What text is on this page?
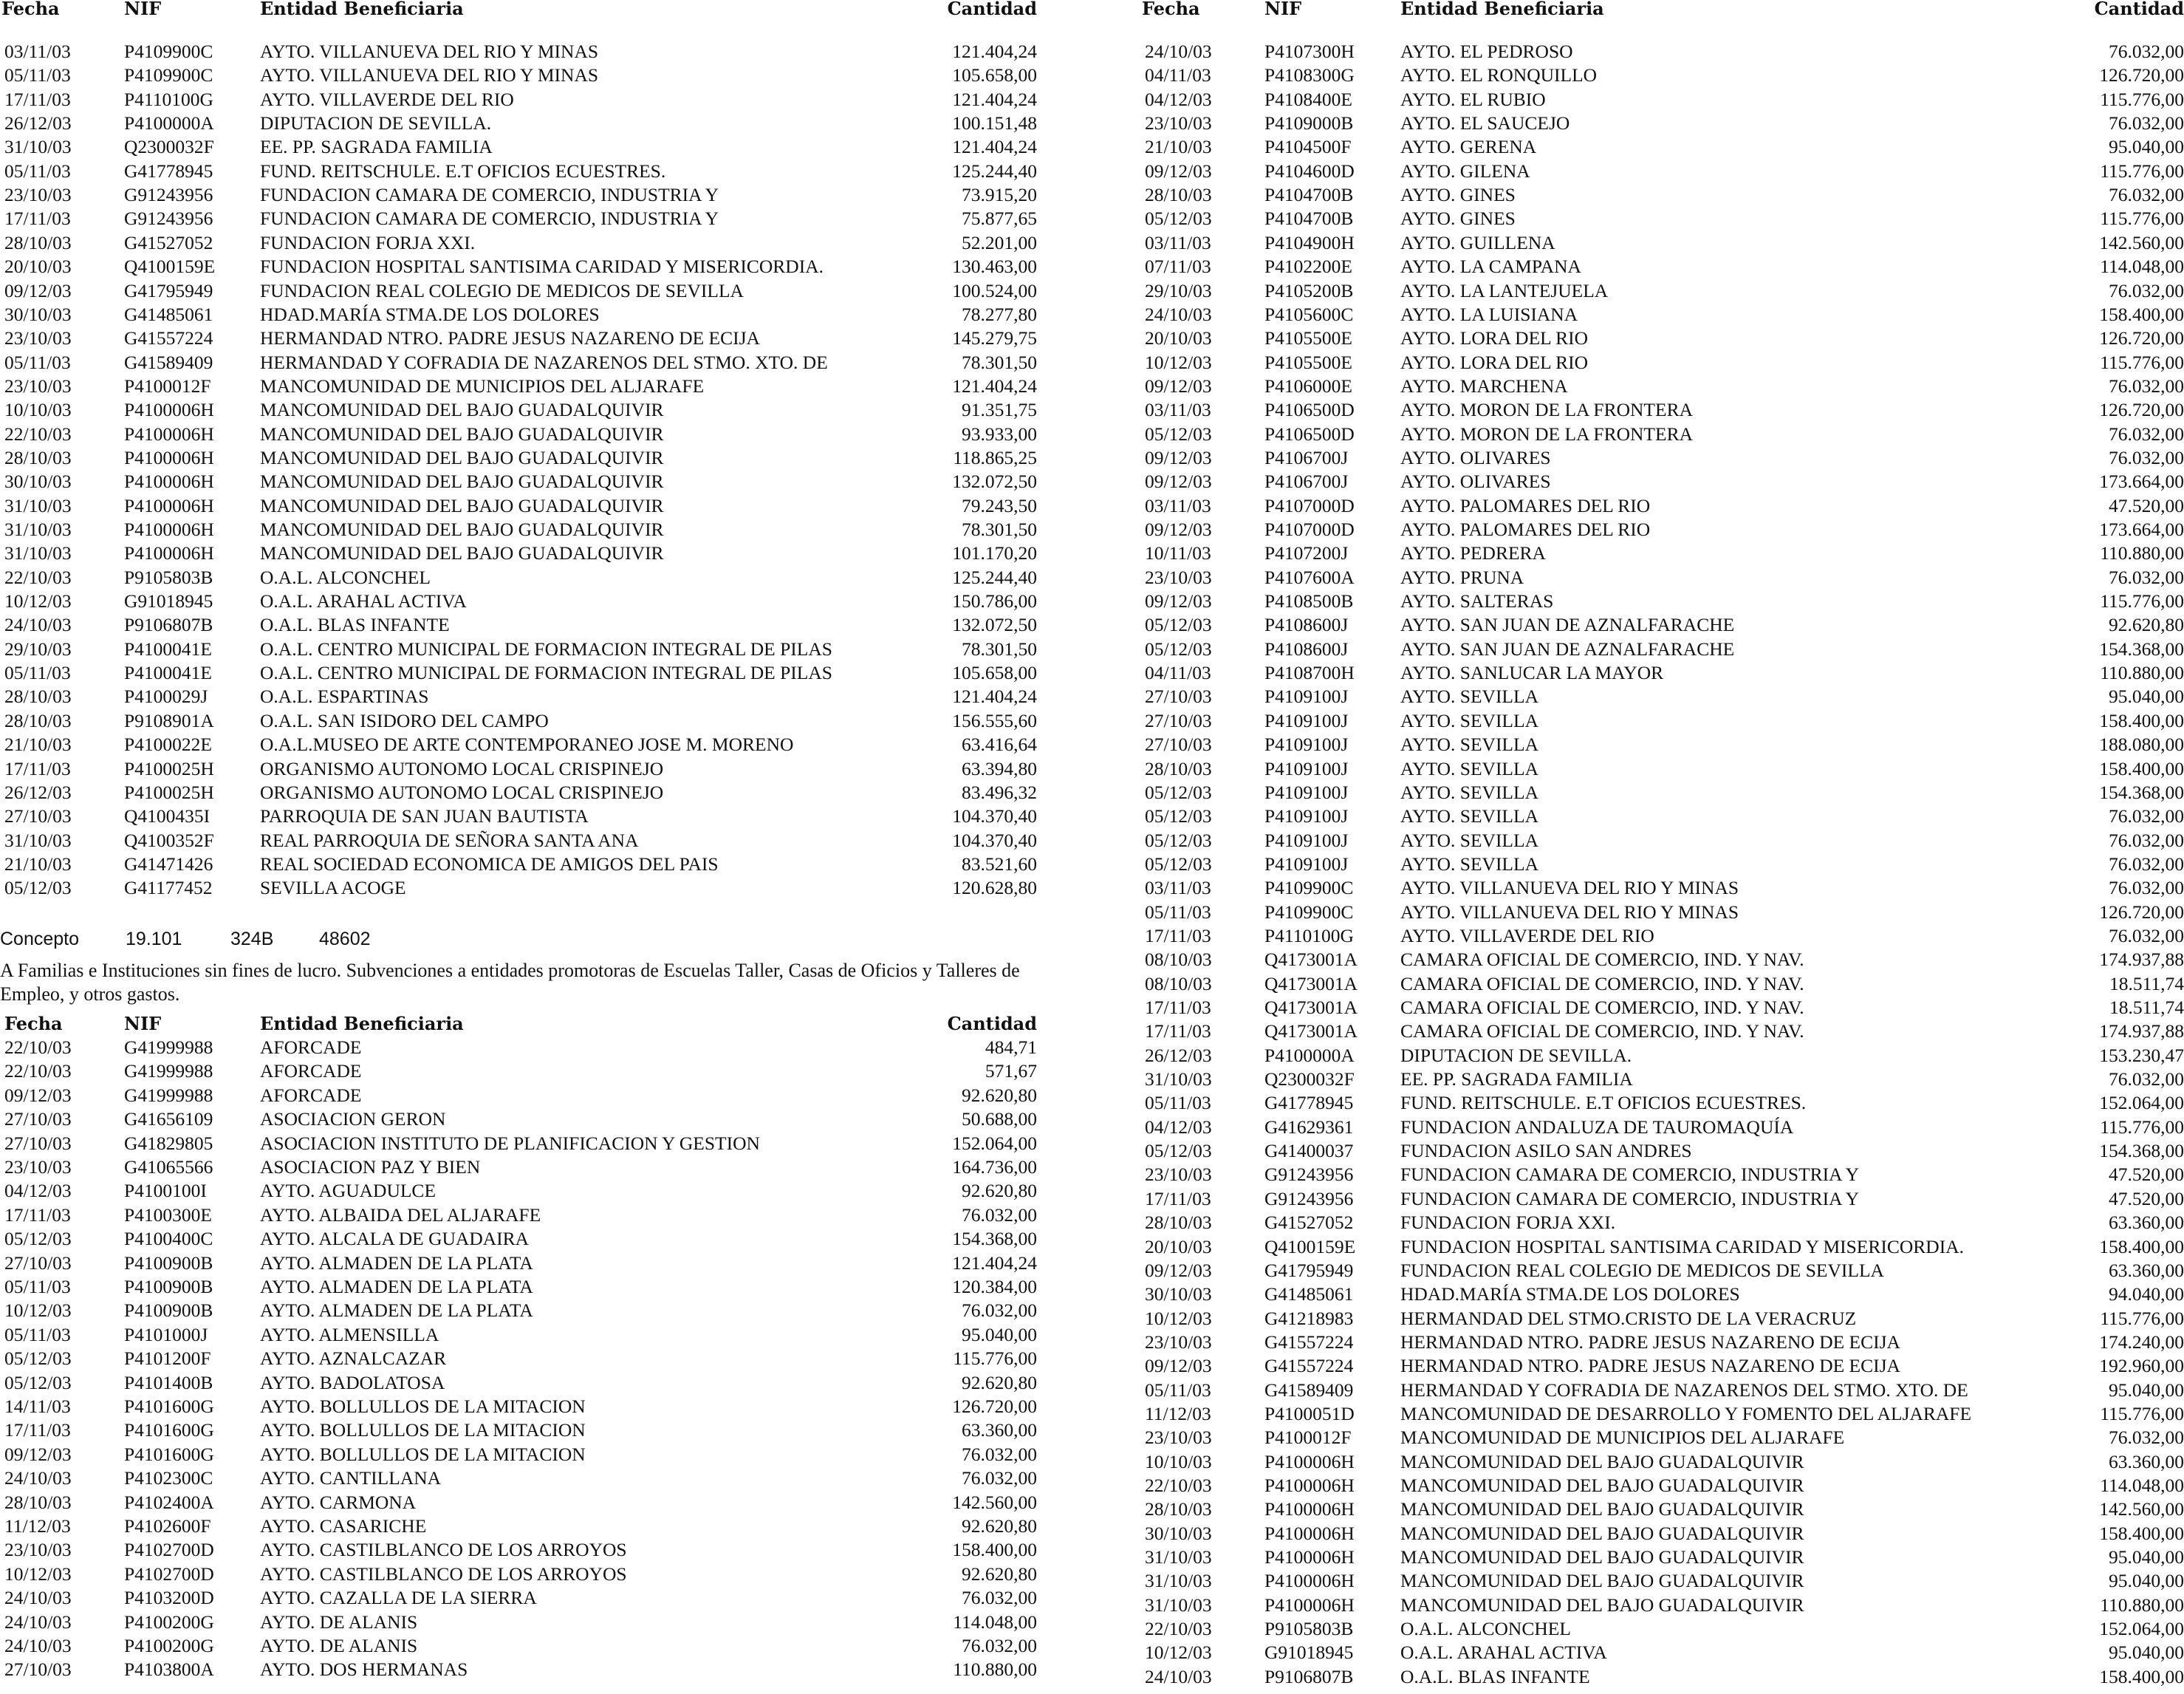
Fecha	NIF	Entidad Beneficiaria	Cantidad
03/11/03	P4109900C AYTO. VILLANUEVA DEL RIO Y MINAS	121.404,24
05/11/03	P4109900C AYTO. VILLANUEVA DEL RIO Y MINAS	105.658,00
17/11/03	P4110100G AYTO. VILLAVERDE DEL RIO	121.404,24
26/12/03	P4100000A DIPUTACION DE SEVILLA.	100.151,48
31/10/03	Q2300032F EE. PP. SAGRADA FAMILIA	121.404,24
05/11/03	G41778945 FUND. REITSCHULE. E.T OFICIOS ECUESTRES.	125.244,40
23/10/03	G91243956 FUNDACION CAMARA DE COMERCIO, INDUSTRIA Y	73.915,20
17/11/03	G91243956 FUNDACION CAMARA DE COMERCIO, INDUSTRIA Y	75.877,65
28/10/03	G41527052 FUNDACION FORJA XXI.	52.201,00
20/10/03	Q4100159E FUNDACION HOSPITAL SANTISIMA CARIDAD Y MISERICORDIA.	130.463,00
09/12/03	G41795949 FUNDACION REAL COLEGIO DE MEDICOS DE SEVILLA	100.524,00
30/10/03	G41485061 HDAD.MARÍA STMA.DE LOS DOLORES	78.277,80
23/10/03	G41557224 HERMANDAD NTRO. PADRE JESUS NAZARENO DE ECIJA	145.279,75
05/11/03	G41589409 HERMANDAD Y COFRADIA DE NAZARENOS DEL STMO. XTO. DE	78.301,50
23/10/03	P4100012F	MANCOMUNIDAD DE MUNICIPIOS DEL ALJARAFE	121.404,24
10/10/03	P4100006H MANCOMUNIDAD DEL BAJO GUADALQUIVIR	91.351,75
22/10/03	P4100006H MANCOMUNIDAD DEL BAJO GUADALQUIVIR	93.933,00
28/10/03	P4100006H MANCOMUNIDAD DEL BAJO GUADALQUIVIR	118.865,25
30/10/03	P4100006H MANCOMUNIDAD DEL BAJO GUADALQUIVIR	132.072,50
31/10/03	P4100006H MANCOMUNIDAD DEL BAJO GUADALQUIVIR	79.243,50
31/10/03	P4100006H MANCOMUNIDAD DEL BAJO GUADALQUIVIR	78.301,50
31/10/03	P4100006H MANCOMUNIDAD DEL BAJO GUADALQUIVIR	101.170,20
22/10/03	P9105803B O.A.L. ALCONCHEL	125.244,40
10/12/03	G91018945 O.A.L. ARAHAL ACTIVA	150.786,00
24/10/03	P9106807B O.A.L. BLAS INFANTE	132.072,50
29/10/03	P4100041E	O.A.L. CENTRO MUNICIPAL DE FORMACION INTEGRAL DE PILAS	78.301,50
05/11/03	P4100041E	O.A.L. CENTRO MUNICIPAL DE FORMACION INTEGRAL DE PILAS	105.658,00
28/10/03	P4100029J	O.A.L. ESPARTINAS	121.404,24
28/10/03	P9108901A O.A.L. SAN ISIDORO DEL CAMPO	156.555,60
21/10/03	P4100022E	O.A.L.MUSEO DE ARTE CONTEMPORANEO JOSE M. MORENO	63.416,64
17/11/03	P4100025H ORGANISMO AUTONOMO LOCAL CRISPINEJO	63.394,80
26/12/03	P4100025H ORGANISMO AUTONOMO LOCAL CRISPINEJO	83.496,32
27/10/03	Q4100435I	PARROQUIA DE SAN JUAN BAUTISTA	104.370,40
31/10/03	Q4100352F REAL PARROQUIA DE SEÑORA SANTA ANA	104.370,40
21/10/03	G41471426 REAL SOCIEDAD ECONOMICA DE AMIGOS DEL PAIS	83.521,60
05/12/03	G41177452	SEVILLA ACOGE	120.628,80
Concepto	19.101	324B 48602
A Familias e Instituciones sin fines de lucro. Subvenciones a entidades promotoras de Escuelas Taller, Casas de Oficios y Talleres de Empleo, y otros gastos.
Fecha	NIF	Entidad Beneficiaria	Cantidad
22/10/03	G41999988 AFORCADE	484,71
22/10/03	G41999988 AFORCADE	571,67
09/12/03	G41999988 AFORCADE	92.620,80
27/10/03	G41656109 ASOCIACION GERON	50.688,00
27/10/03	G41829805 ASOCIACION INSTITUTO DE PLANIFICACION Y GESTION	152.064,00
23/10/03	G41065566 ASOCIACION PAZ Y BIEN	164.736,00
04/12/03	P4100100I	AYTO. AGUADULCE	92.620,80
17/11/03	P4100300E	AYTO. ALBAIDA DEL ALJARAFE	76.032,00
05/12/03	P4100400C AYTO. ALCALA DE GUADAIRA	154.368,00
27/10/03	P4100900B AYTO. ALMADEN DE LA PLATA	121.404,24
05/11/03	P4100900B AYTO. ALMADEN DE LA PLATA	120.384,00
10/12/03	P4100900B AYTO. ALMADEN DE LA PLATA	76.032,00
05/11/03	P4101000J	AYTO. ALMENSILLA	95.040,00
05/12/03	P4101200F	AYTO. AZNALCAZAR	115.776,00
05/12/03	P4101400B AYTO. BADOLATOSA	92.620,80
14/11/03	P4101600G AYTO. BOLLULLOS DE LA MITACION	126.720,00
17/11/03	P4101600G AYTO. BOLLULLOS DE LA MITACION	63.360,00
09/12/03	P4101600G AYTO. BOLLULLOS DE LA MITACION	76.032,00
24/10/03	P4102300C AYTO. CANTILLANA	76.032,00
28/10/03	P4102400A AYTO. CARMONA	142.560,00
11/12/03	P4102600F	AYTO. CASARICHE	92.620,80
23/10/03	P4102700D AYTO. CASTILBLANCO DE LOS ARROYOS	158.400,00
10/12/03	P4102700D AYTO. CASTILBLANCO DE LOS ARROYOS	92.620,80
24/10/03	P4103200D AYTO. CAZALLA DE LA SIERRA	76.032,00
24/10/03	P4100200G AYTO. DE ALANIS	114.048,00
24/10/03	P4100200G AYTO. DE ALANIS	76.032,00
27/10/03	P4103800A AYTO. DOS HERMANAS	110.880,00
Fecha	NIF	Entidad Beneficiaria	Cantidad
24/10/03	P4107300H AYTO. EL PEDROSO	76.032,00
04/11/03	P4108300G AYTO. EL RONQUILLO	126.720,00
04/12/03	P4108400E	AYTO. EL RUBIO	115.776,00
23/10/03	P4109000B AYTO. EL SAUCEJO	76.032,00
21/10/03	P4104500F	AYTO. GERENA	95.040,00
09/12/03	P4104600D AYTO. GILENA	115.776,00
28/10/03	P4104700B AYTO. GINES	76.032,00
05/12/03	P4104700B AYTO. GINES	115.776,00
03/11/03	P4104900H AYTO. GUILLENA	142.560,00
07/11/03	P4102200E	AYTO. LA CAMPANA	114.048,00
29/10/03	P4105200B AYTO. LA LANTEJUELA	76.032,00
24/10/03	P4105600C AYTO. LA LUISIANA	158.400,00
20/10/03	P4105500E	AYTO. LORA DEL RIO	126.720,00
10/12/03	P4105500E	AYTO. LORA DEL RIO	115.776,00
09/12/03	P4106000E	AYTO. MARCHENA	76.032,00
03/11/03	P4106500D AYTO. MORON DE LA FRONTERA	126.720,00
05/12/03	P4106500D AYTO. MORON DE LA FRONTERA	76.032,00
09/12/03	P4106700J	AYTO. OLIVARES	76.032,00
09/12/03	P4106700J	AYTO. OLIVARES	173.664,00
03/11/03	P4107000D AYTO. PALOMARES DEL RIO	47.520,00
09/12/03	P4107000D AYTO. PALOMARES DEL RIO	173.664,00
10/11/03	P4107200J	AYTO. PEDRERA	110.880,00
23/10/03	P4107600A AYTO. PRUNA	76.032,00
09/12/03	P4108500B AYTO. SALTERAS	115.776,00
05/12/03	P4108600J	AYTO. SAN JUAN DE AZNALFARACHE	92.620,80
05/12/03	P4108600J	AYTO. SAN JUAN DE AZNALFARACHE	154.368,00
04/11/03	P4108700H AYTO. SANLUCAR LA MAYOR	110.880,00
27/10/03	P4109100J	AYTO. SEVILLA	95.040,00
27/10/03	P4109100J	AYTO. SEVILLA	158.400,00
27/10/03	P4109100J	AYTO. SEVILLA	188.080,00
28/10/03	P4109100J	AYTO. SEVILLA	158.400,00
05/12/03	P4109100J	AYTO. SEVILLA	154.368,00
05/12/03	P4109100J	AYTO. SEVILLA	76.032,00
05/12/03	P4109100J	AYTO. SEVILLA	76.032,00
05/12/03	P4109100J	AYTO. SEVILLA	76.032,00
03/11/03	P4109900C AYTO. VILLANUEVA DEL RIO Y MINAS	76.032,00
05/11/03	P4109900C AYTO. VILLANUEVA DEL RIO Y MINAS	126.720,00
17/11/03	P4110100G AYTO. VILLAVERDE DEL RIO	76.032,00
08/10/03	Q4173001A CAMARA OFICIAL DE COMERCIO, IND. Y NAV.	174.937,88
08/10/03	Q4173001A CAMARA OFICIAL DE COMERCIO, IND. Y NAV.	18.511,74
17/11/03	Q4173001A CAMARA OFICIAL DE COMERCIO, IND. Y NAV.	18.511,74
17/11/03	Q4173001A CAMARA OFICIAL DE COMERCIO, IND. Y NAV.	174.937,88
26/12/03	P4100000A DIPUTACION DE SEVILLA.	153.230,47
31/10/03	Q2300032F EE. PP. SAGRADA FAMILIA	76.032,00
05/11/03	G41778945 FUND. REITSCHULE. E.T OFICIOS ECUESTRES.	152.064,00
04/12/03	G41629361 FUNDACION ANDALUZA DE TAUROMAQUÍA	115.776,00
05/12/03	G41400037 FUNDACION ASILO SAN ANDRES	154.368,00
23/10/03	G91243956 FUNDACION CAMARA DE COMERCIO, INDUSTRIA Y	47.520,00
17/11/03	G91243956 FUNDACION CAMARA DE COMERCIO, INDUSTRIA Y	47.520,00
28/10/03	G41527052 FUNDACION FORJA XXI.	63.360,00
20/10/03	Q4100159E FUNDACION HOSPITAL SANTISIMA CARIDAD Y MISERICORDIA.	158.400,00
09/12/03	G41795949 FUNDACION REAL COLEGIO DE MEDICOS DE SEVILLA	63.360,00
30/10/03	G41485061 HDAD.MARÍA STMA.DE LOS DOLORES	94.040,00
10/12/03	G41218983 HERMANDAD DEL STMO.CRISTO DE LA VERACRUZ	115.776,00
23/10/03	G41557224 HERMANDAD NTRO. PADRE JESUS NAZARENO DE ECIJA	174.240,00
09/12/03	G41557224 HERMANDAD NTRO. PADRE JESUS NAZARENO DE ECIJA	192.960,00
05/11/03	G41589409 HERMANDAD Y COFRADIA DE NAZARENOS DEL STMO. XTO. DE	95.040,00
11/12/03	P4100051D MANCOMUNIDAD DE DESARROLLO Y FOMENTO DEL ALJARAFE	115.776,00
23/10/03	P4100012F	MANCOMUNIDAD DE MUNICIPIOS DEL ALJARAFE	76.032,00
10/10/03	P4100006H MANCOMUNIDAD DEL BAJO GUADALQUIVIR	63.360,00
22/10/03	P4100006H MANCOMUNIDAD DEL BAJO GUADALQUIVIR	114.048,00
28/10/03	P4100006H MANCOMUNIDAD DEL BAJO GUADALQUIVIR	142.560,00
30/10/03	P4100006H MANCOMUNIDAD DEL BAJO GUADALQUIVIR	158.400,00
31/10/03	P4100006H MANCOMUNIDAD DEL BAJO GUADALQUIVIR	95.040,00
31/10/03	P4100006H MANCOMUNIDAD DEL BAJO GUADALQUIVIR	95.040,00
31/10/03	P4100006H MANCOMUNIDAD DEL BAJO GUADALQUIVIR	110.880,00
22/10/03	P9105803B O.A.L. ALCONCHEL	152.064,00
10/12/03	G91018945 O.A.L. ARAHAL ACTIVA	95.040,00
24/10/03	P9106807B O.A.L. BLAS INFANTE	158.400,00
